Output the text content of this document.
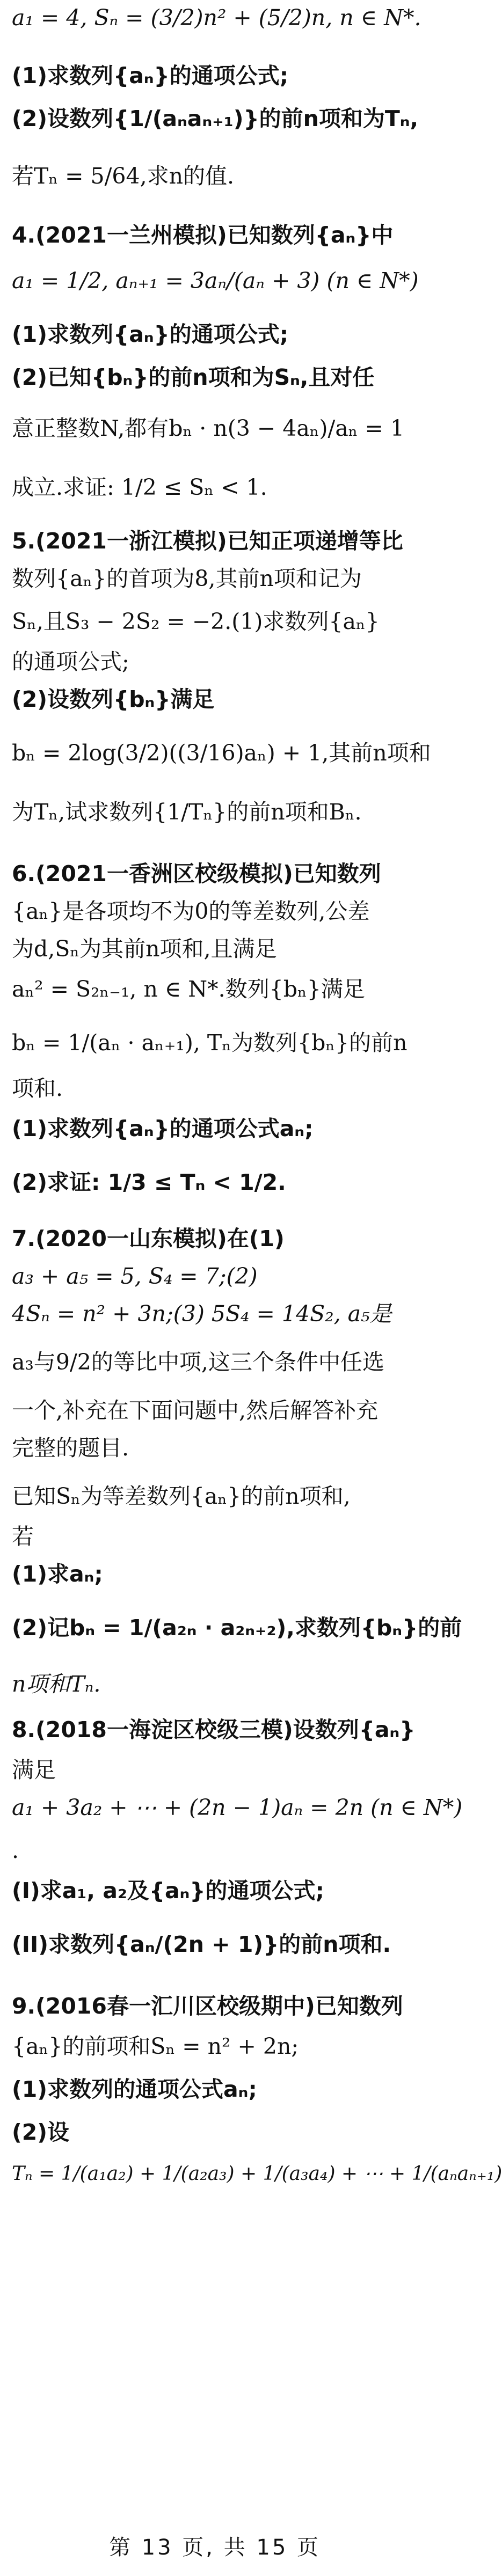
a₁ = 4, Sₙ = (3/2)n² + (5/2)n, n ∈ N*.
(1)求数列{aₙ}的通项公式;
(2)设数列{1/(aₙaₙ₊₁)}的前n项和为Tₙ,
若Tₙ = 5/64,求n的值.
4.(2021一兰州模拟)已知数列{aₙ}中
a₁ = 1/2, aₙ₊₁ = 3aₙ/(aₙ + 3) (n ∈ N*)
(1)求数列{aₙ}的通项公式;
(2)已知{bₙ}的前n项和为Sₙ,且对任
意正整数N,都有bₙ · n(3 − 4aₙ)/aₙ = 1
成立.求证: 1/2 ≤ Sₙ < 1.
5.(2021一浙江模拟)已知正项递增等比
数列{aₙ}的首项为8,其前n项和记为
Sₙ,且S₃ − 2S₂ = −2.(1)求数列{aₙ}
的通项公式;
(2)设数列{bₙ}满足
bₙ = 2log(3/2)((3/16)aₙ) + 1,其前n项和
为Tₙ,试求数列{1/Tₙ}的前n项和Bₙ.
6.(2021一香洲区校级模拟)已知数列
{aₙ}是各项均不为0的等差数列,公差
为d,Sₙ为其前n项和,且满足
aₙ² = S₂ₙ₋₁, n ∈ N*.数列{bₙ}满足
bₙ = 1/(aₙ · aₙ₊₁), Tₙ为数列{bₙ}的前n
项和.
(1)求数列{aₙ}的通项公式aₙ;
(2)求证: 1/3 ≤ Tₙ < 1/2.
7.(2020一山东模拟)在(1)
a₃ + a₅ = 5, S₄ = 7;(2)
4Sₙ = n² + 3n;(3) 5S₄ = 14S₂, a₅是
a₃与9/2的等比中项,这三个条件中任选
一个,补充在下面问题中,然后解答补充
完整的题目.
已知Sₙ为等差数列{aₙ}的前n项和,
若
(1)求aₙ;
(2)记bₙ = 1/(a₂ₙ · a₂ₙ₊₂),求数列{bₙ}的前
n项和Tₙ.
8.(2018一海淀区校级三模)设数列{aₙ}
满足
a₁ + 3a₂ + ⋯ + (2n − 1)aₙ = 2n (n ∈ N*)
.
(I)求a₁, a₂及{aₙ}的通项公式;
(II)求数列{aₙ/(2n + 1)}的前n项和.
9.(2016春一汇川区校级期中)已知数列
{aₙ}的前项和Sₙ = n² + 2n;
(1)求数列的通项公式aₙ;
(2)设
Tₙ = 1/(a₁a₂) + 1/(a₂a₃) + 1/(a₃a₄) + ⋯ + 1/(aₙaₙ₊₁)
第 13 页, 共 15 页
